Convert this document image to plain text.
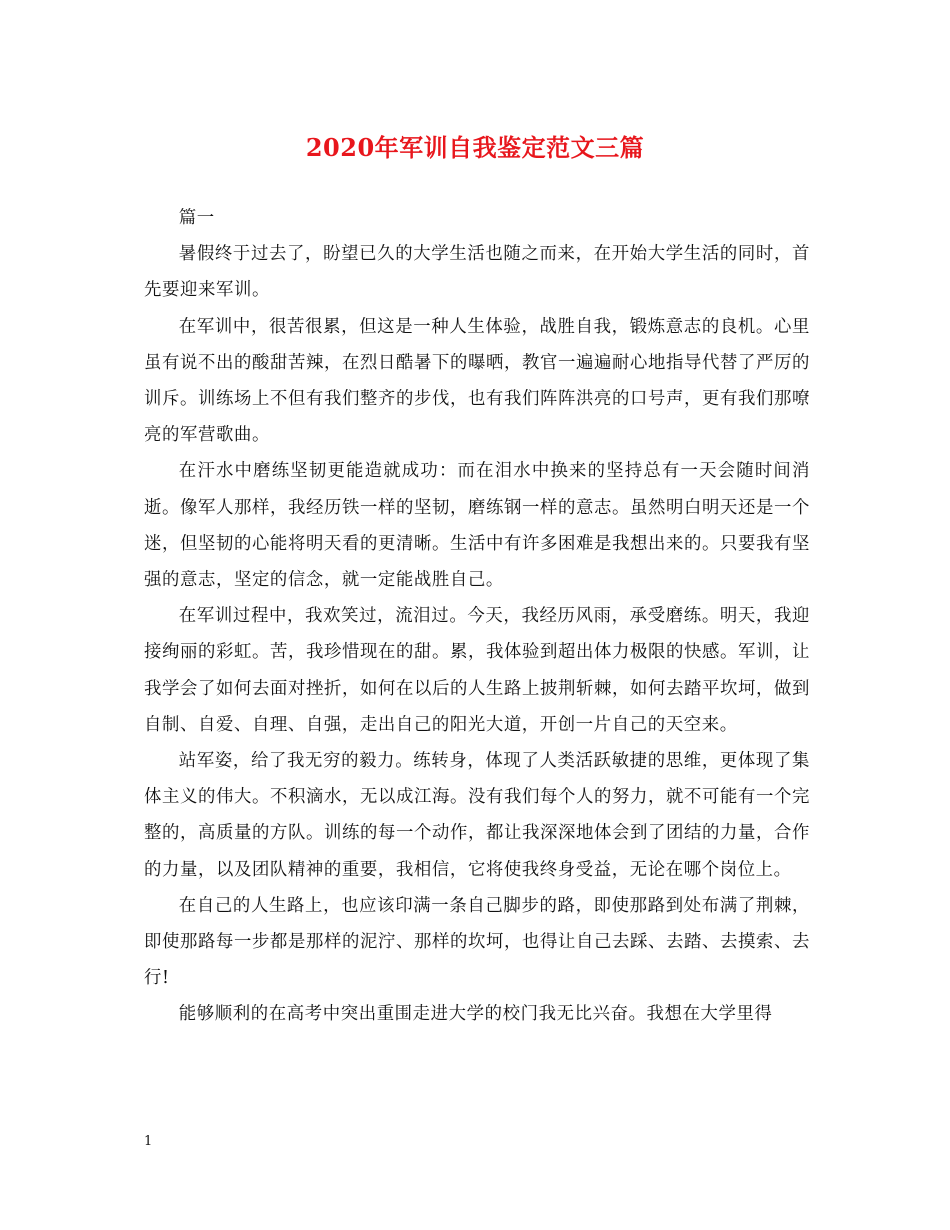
2020年军训自我鉴定范文三篇

篇一

暑假终于过去了，盼望已久的大学生活也随之而来，在开始大学生活的同时，首先要迎来军训。

在军训中，很苦很累，但这是一种人生体验，战胜自我，锻炼意志的良机。心里虽有说不出的酸甜苦辣，在烈日酷暑下的曝晒，教官一遍遍耐心地指导代替了严厉的训斥。训练场上不但有我们整齐的步伐，也有我们阵阵洪亮的口号声，更有我们那嘹亮的军营歌曲。

在汗水中磨练坚韧更能造就成功：而在泪水中换来的坚持总有一天会随时间消逝。像军人那样，我经历铁一样的坚韧，磨练钢一样的意志。虽然明白明天还是一个迷，但坚韧的心能将明天看的更清晰。生活中有许多困难是我想出来的。只要我有坚强的意志，坚定的信念，就一定能战胜自己。

在军训过程中，我欢笑过，流泪过。今天，我经历风雨，承受磨练。明天，我迎接绚丽的彩虹。苦，我珍惜现在的甜。累，我体验到超出体力极限的快感。军训，让我学会了如何去面对挫折，如何在以后的人生路上披荆斩棘，如何去踏平坎坷，做到自制、自爱、自理、自强，走出自己的阳光大道，开创一片自己的天空来。

站军姿，给了我无穷的毅力。练转身，体现了人类活跃敏捷的思维，更体现了集体主义的伟大。不积滴水，无以成江海。没有我们每个人的努力，就不可能有一个完整的，高质量的方队。训练的每一个动作，都让我深深地体会到了团结的力量，合作的力量，以及团队精神的重要，我相信，它将使我终身受益，无论在哪个岗位上。

在自己的人生路上，也应该印满一条自己脚步的路，即使那路到处布满了荆棘，即使那路每一步都是那样的泥泞、那样的坎坷，也得让自己去踩、去踏、去摸索、去行!

能够顺利的在高考中突出重围走进大学的校门我无比兴奋。我想在大学里得

1
